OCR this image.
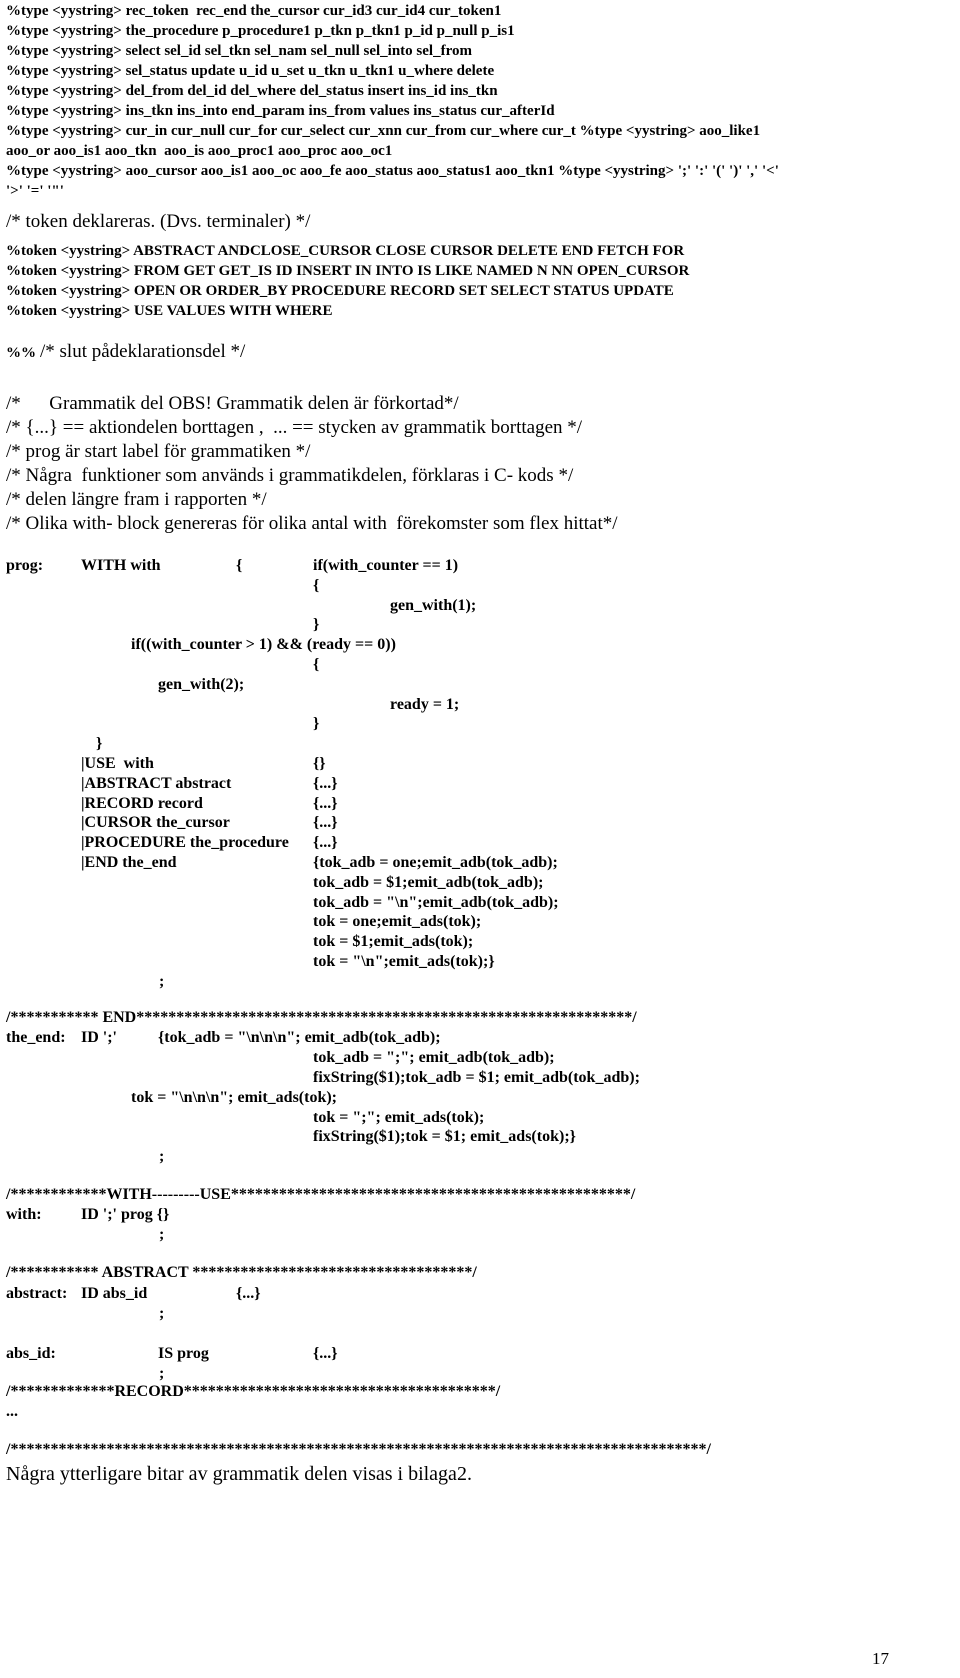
%type <yystring> rec_token  rec_end the_cursor cur_id3 cur_id4 cur_token1
%type <yystring> the_procedure p_procedure1 p_tkn p_tkn1 p_id p_null p_is1
%type <yystring> select sel_id sel_tkn sel_nam sel_null sel_into sel_from
%type <yystring> sel_status update u_id u_set u_tkn u_tkn1 u_where delete
%type <yystring> del_from del_id del_where del_status insert ins_id ins_tkn
%type <yystring> ins_tkn ins_into end_param ins_from values ins_status cur_afterId
%type <yystring> cur_in cur_null cur_for cur_select cur_xnn cur_from cur_where cur_t %type <yystring> aoo_like1
aoo_or aoo_is1 aoo_tkn  aoo_is aoo_proc1 aoo_proc aoo_oc1
%type <yystring> aoo_cursor aoo_is1 aoo_oc aoo_fe aoo_status aoo_status1 aoo_tkn1 %type <yystring> ';' ':' '(' ')' ',' '<'
'>' '=' '"'
/* token deklareras. (Dvs. terminaler) */
%token <yystring> ABSTRACT ANDCLOSE_CURSOR CLOSE CURSOR DELETE END FETCH FOR
%token <yystring> FROM GET GET_IS ID INSERT IN INTO IS LIKE NAMED N NN OPEN_CURSOR
%token <yystring> OPEN OR ORDER_BY PROCEDURE RECORD SET SELECT STATUS UPDATE
%token <yystring> USE VALUES WITH WHERE
%% /* slut pådeklarationsdel */
/*      Grammatik del OBS! Grammatik delen är förkortad*/
/* {...} == aktiondelen borttagen ,  ... == stycken av grammatik borttagen */
/* prog är start label för grammatiken */
/* Några  funktioner som används i grammatikdelen, förklaras i C- kods */
/* delen längre fram i rapporten */
/* Olika with- block genereras för olika antal with  förekomster som flex hittat*/
prog: WITH with	{	if(with_counter == 1)
{
gen_with(1);
}
if((with_counter > 1) && (ready == 0))
{
gen_with(2);
ready = 1;
}
}
|USE  with	{}
|ABSTRACT abstract	{...}
|RECORD record	{...}
|CURSOR the_cursor	{...}
|PROCEDURE the_procedure {...}
|END the_end	{tok_adb = one;emit_adb(tok_adb);
tok_adb = $1;emit_adb(tok_adb);
tok_adb = "\n";emit_adb(tok_adb);
tok = one;emit_ads(tok);
tok = $1;emit_ads(tok);
tok = "\n";emit_ads(tok);}
;
/*********** END**************************************************************/
the_end: ID ';'	{tok_adb = "\n\n\n"; emit_adb(tok_adb);
tok_adb = ";"; emit_adb(tok_adb);
fixString($1);tok_adb = $1; emit_adb(tok_adb);
tok = "\n\n\n"; emit_ads(tok);
tok = ";"; emit_ads(tok);
fixString($1);tok = $1; emit_ads(tok);}
;
/************WITH---------USE**************************************************/
with: ID ';' prog {}
;
/*********** ABSTRACT ***********************************/
abstract: ID abs_id	{...}
;
abs_id:	IS prog	{...}
;
/*************RECORD***************************************/
...
/***************************************************************************************/
Några ytterligare bitar av grammatik delen visas i bilaga2.
17
